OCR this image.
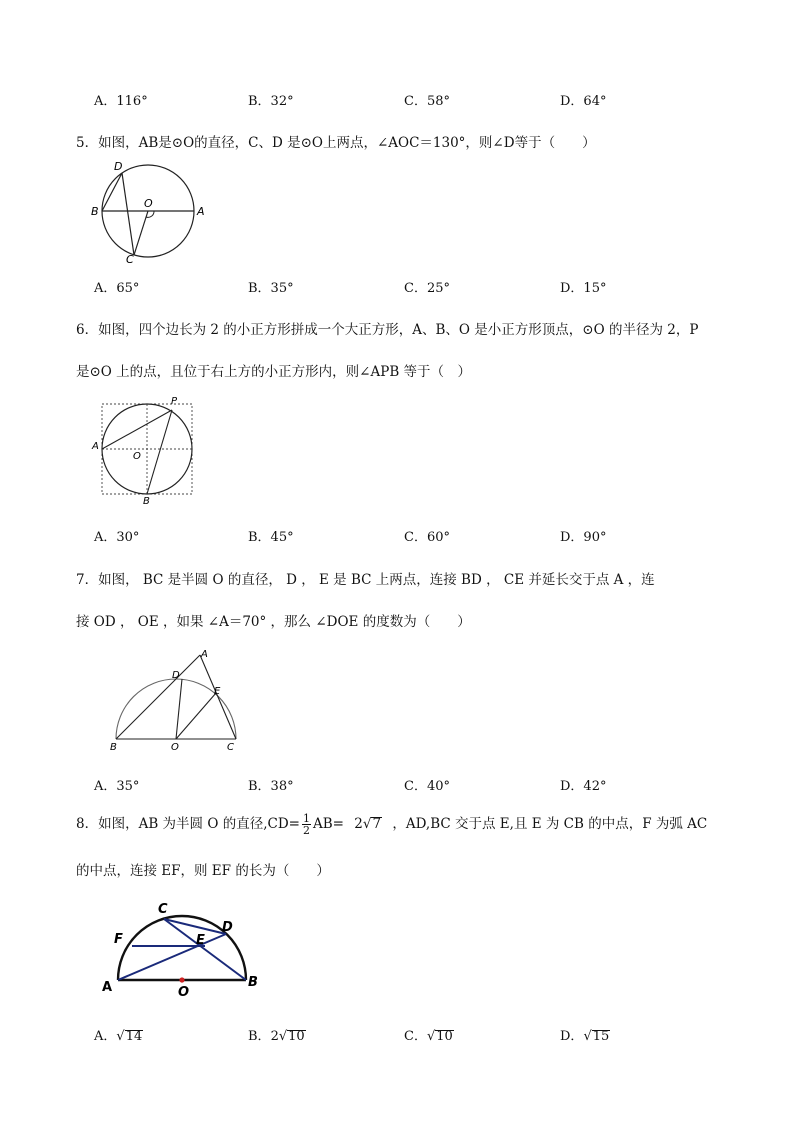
A．116°	B．32°	C．58°	D．64°
5．如图，AB是⊙O的直径，C、D 是⊙O上两点，∠AOC＝130°，则∠D等于（　　）
D
B
O
A
C
A．65°	B．35°	C．25°	D．15°
6．如图，四个边长为 2 的小正方形拼成一个大正方形，A、B、O 是小正方形顶点，⊙O 的半径为 2，P
是⊙O 上的点，且位于右上方的小正方形内，则∠APB 等于（　）
P
A
O
B
A．30°	B．45°	C．60°	D．90°
7．如图， BC 是半圆 O 的直径， D ， E 是 BC 上两点，连接 BD ， CE 并延长交于点 A ，连
接 OD ， OE ，如果 ∠A＝70° ，那么 ∠DOE 的度数为（　　）
A
D
E
B	O	C
A．35°	B．38°	C．40°	D．42°
8．如图，AB 为半圆 O 的直径$,CD= \frac{1}{2} AB= 2√7$ ，AD,BC 交于点 E,且 E 为 CB 的中点，F 为弧 AC
的中点，连接 EF，则 EF 的长为（　　）
C
D
F	E
A	O
B
A．√14	B．2√10	C．√10	D．√15
